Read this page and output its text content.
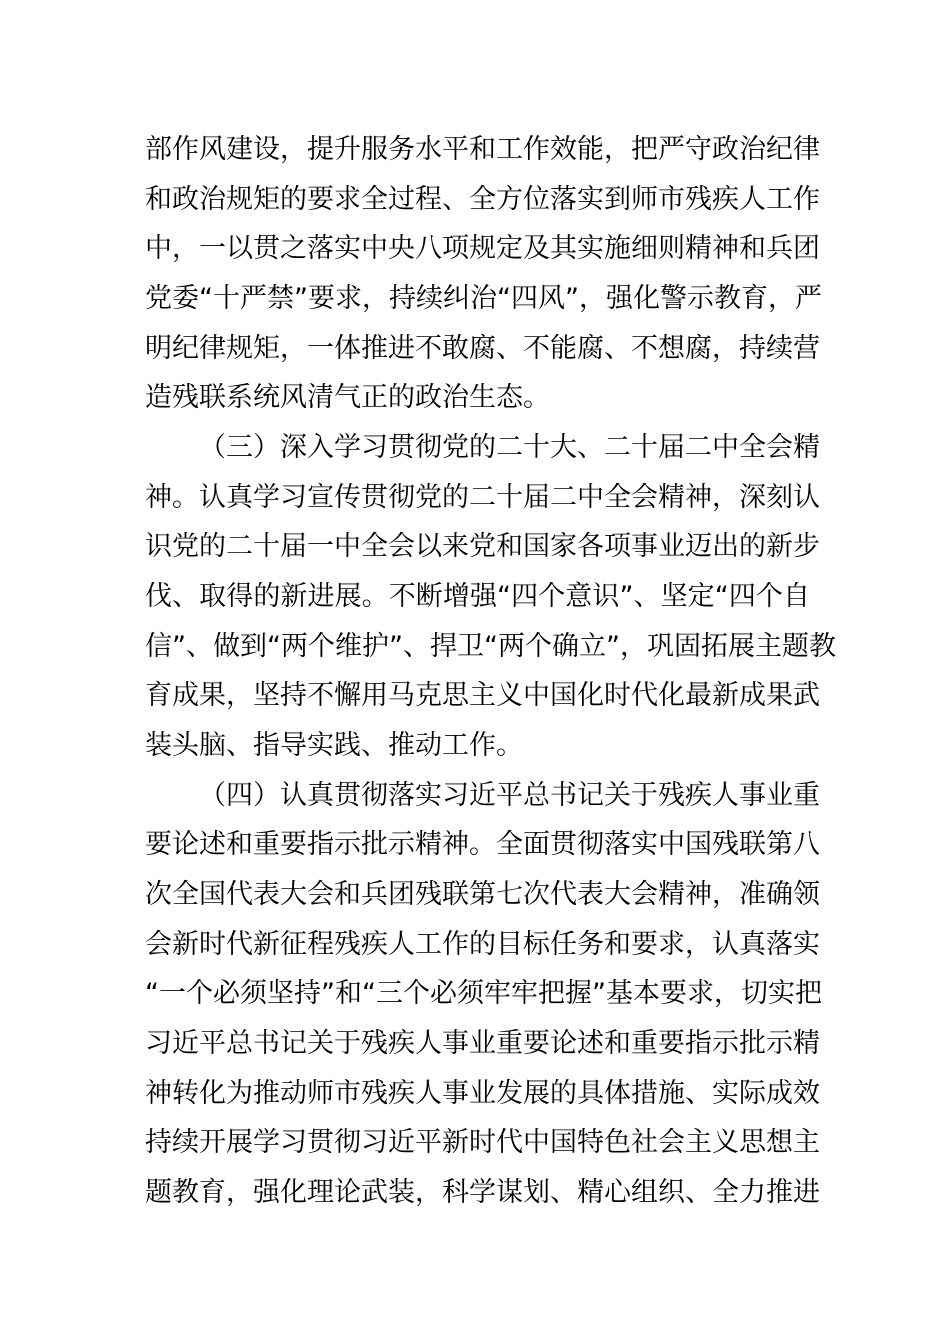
部作风建设，提升服务水平和工作效能，把严守政治纪律
和政治规矩的要求全过程、全方位落实到师市残疾人工作
中，一以贯之落实中央八项规定及其实施细则精神和兵团
党委“十严禁”要求，持续纠治“四风”，强化警示教育，严
明纪律规矩，一体推进不敢腐、不能腐、不想腐，持续营
造残联系统风清气正的政治生态。
（三）深入学习贯彻党的二十大、二十届二中全会精
神。认真学习宣传贯彻党的二十届二中全会精神，深刻认
识党的二十届一中全会以来党和国家各项事业迈出的新步
伐、取得的新进展。不断增强“四个意识”、坚定“四个自
信”、做到“两个维护”、捍卫“两个确立”，巩固拓展主题教
育成果，坚持不懈用马克思主义中国化时代化最新成果武
装头脑、指导实践、推动工作。
（四）认真贯彻落实习近平总书记关于残疾人事业重
要论述和重要指示批示精神。全面贯彻落实中国残联第八
次全国代表大会和兵团残联第七次代表大会精神，准确领
会新时代新征程残疾人工作的目标任务和要求，认真落实
“一个必须坚持”和“三个必须牢牢把握”基本要求，切实把
习近平总书记关于残疾人事业重要论述和重要指示批示精
神转化为推动师市残疾人事业发展的具体措施、实际成效
持续开展学习贯彻习近平新时代中国特色社会主义思想主
题教育，强化理论武装，科学谋划、精心组织、全力推进
